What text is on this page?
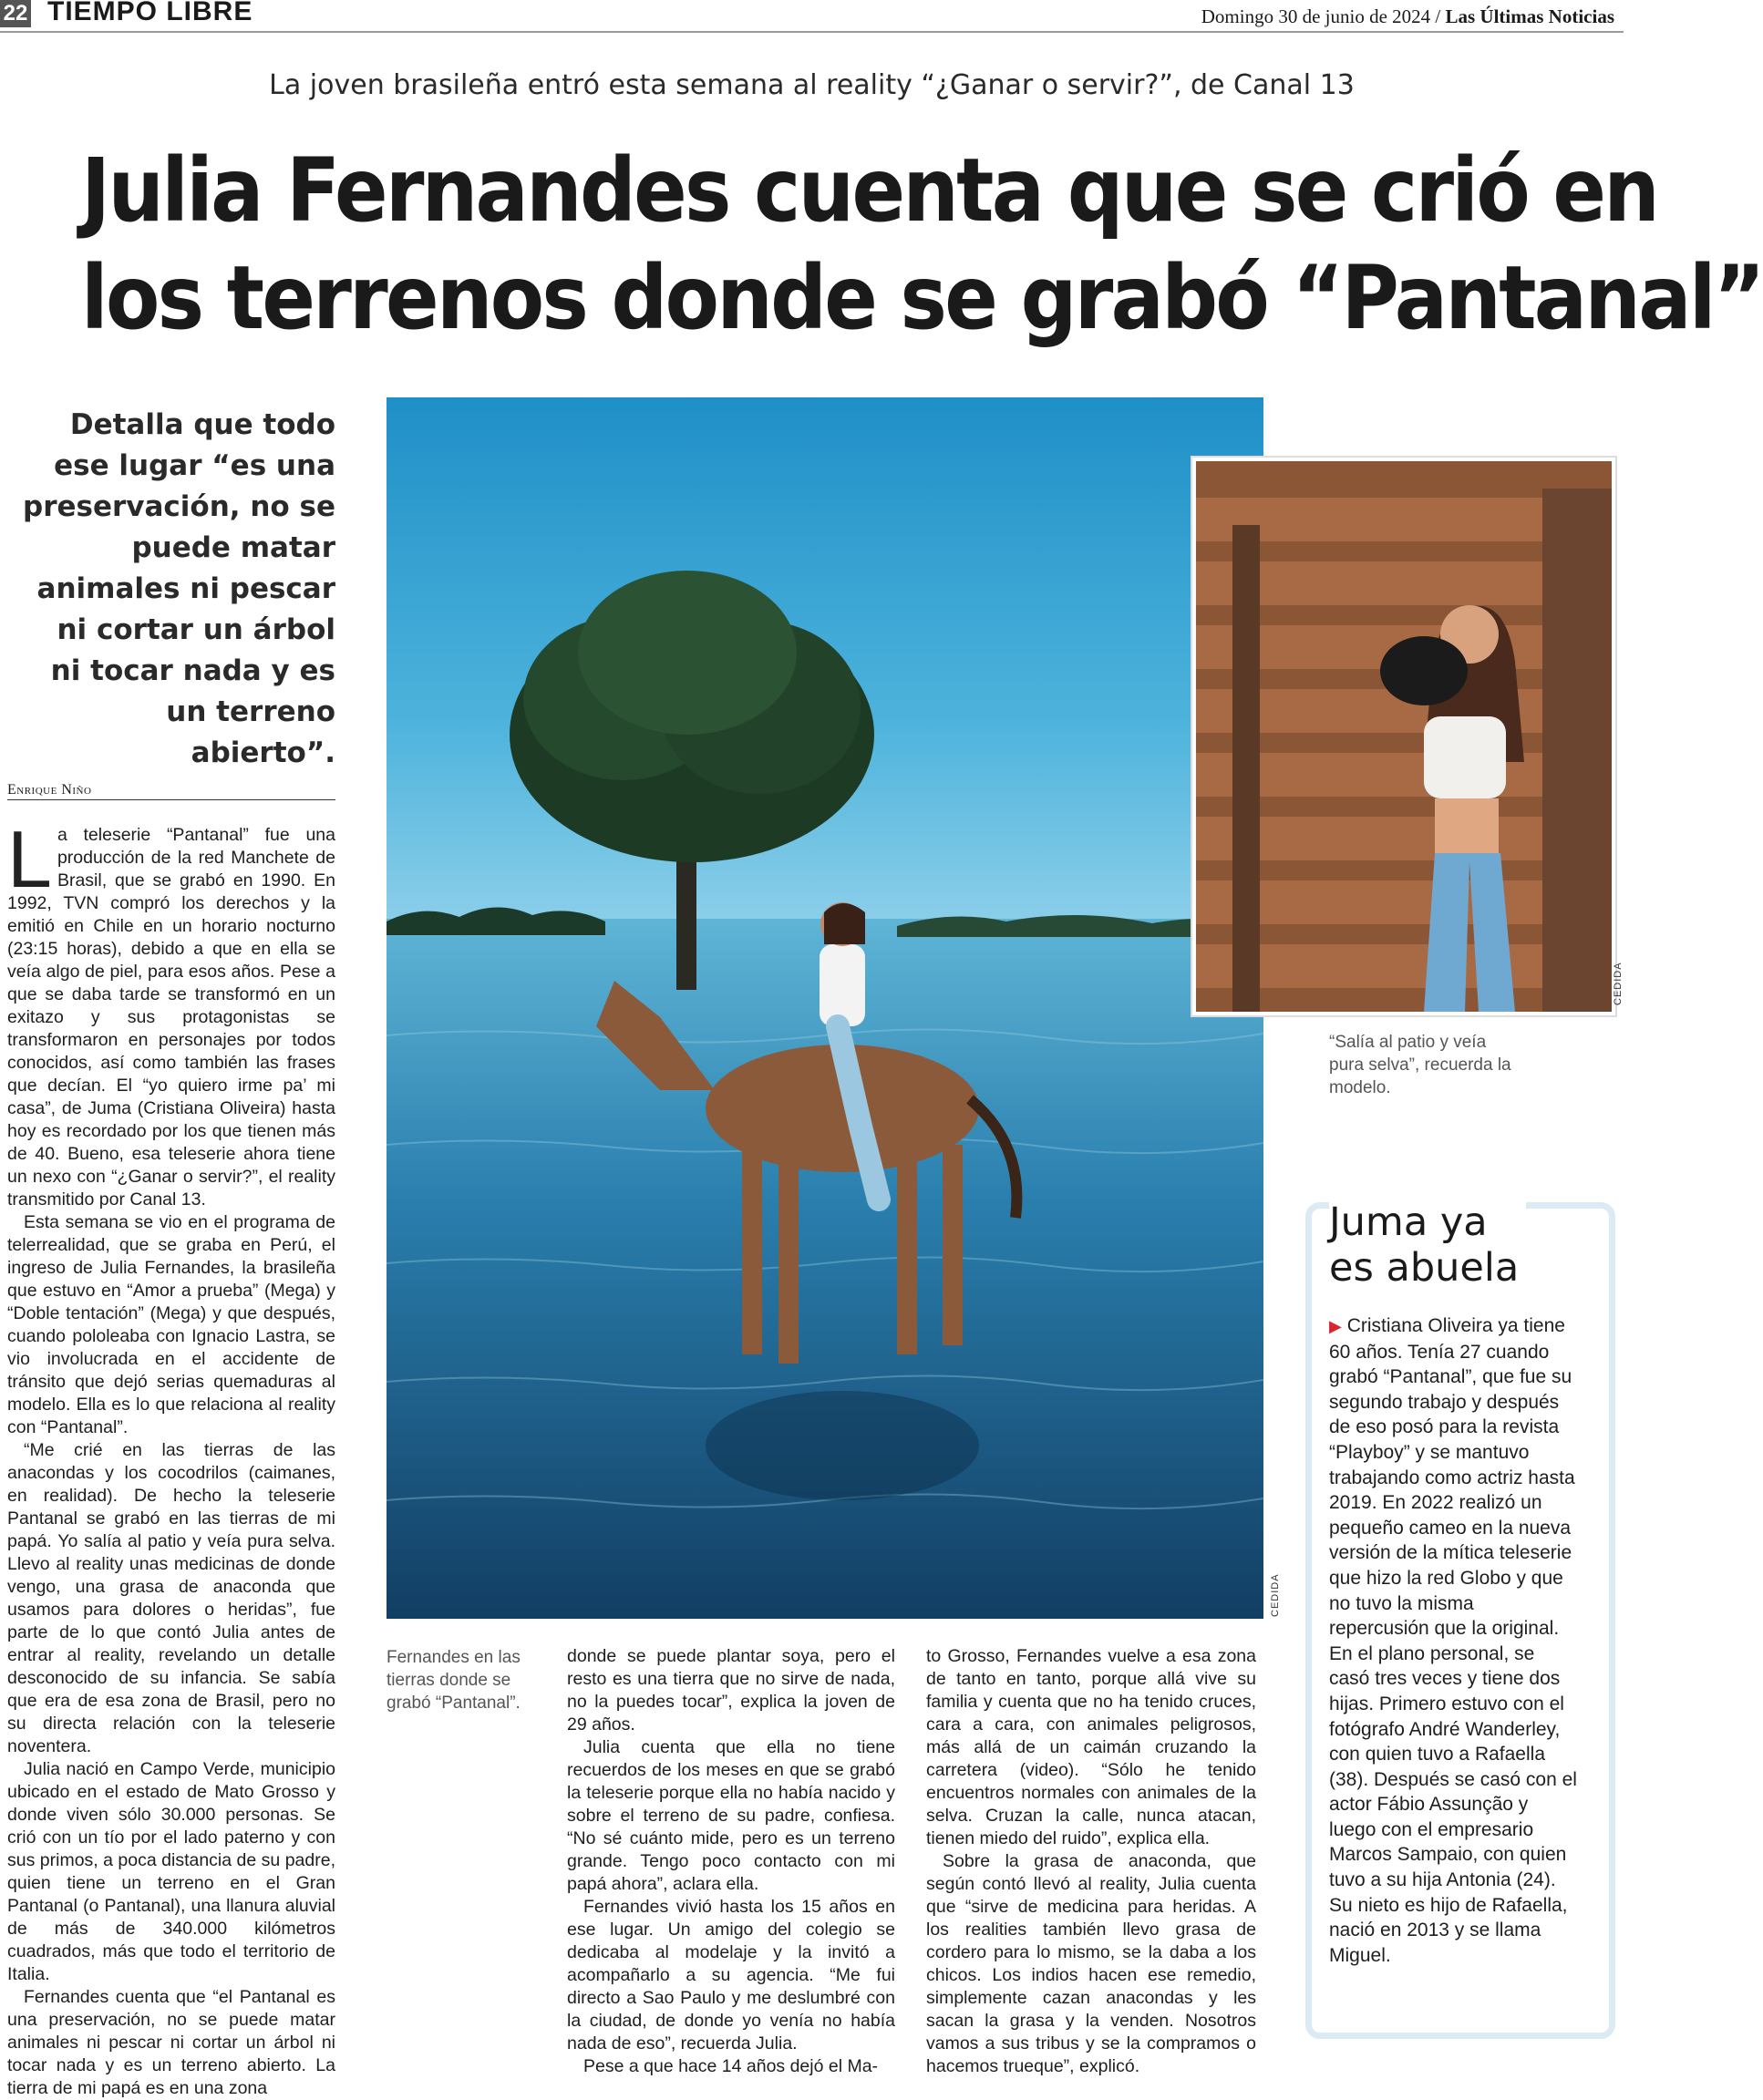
22 TIEMPO LIBRE	Domingo 30 de junio de 2024 / Las Últimas Noticias
La joven brasileña entró esta semana al reality “¿Ganar o servir?”, de Canal 13
Julia Fernandes cuenta que se crió en
los terrenos donde se grabó “Pantanal”
Detalla que todo ese lugar “es una preservación, no se puede matar animales ni pescar ni cortar un árbol ni tocar nada y es un terreno abierto”.
Enrique Niño

La teleserie “Pantanal” fue una producción de la red Manchete de Brasil, que se grabó en 1990. En 1992, TVN compró los derechos y la emitió en Chile en un horario nocturno (23:15 horas), debido a que en ella se veía algo de piel, para esos años. Pese a que se daba tarde se transformó en un exitazo y sus protagonistas se transformaron en personajes por todos conocidos, así como también las frases que decían. El “yo quiero irme pa’ mi casa”, de Juma (Cristiana Oliveira) hasta hoy es recordado por los que tienen más de 40. Bueno, esa teleserie ahora tiene un nexo con “¿Ganar o servir?”, el reality transmitido por Canal 13.

Esta semana se vio en el programa de telerrealidad, que se graba en Perú, el ingreso de Julia Fernandes, la brasileña que estuvo en “Amor a prueba” (Mega) y “Doble tentación” (Mega) y que después, cuando pololeaba con Ignacio Lastra, se vio involucrada en el accidente de tránsito que dejó serias quemaduras al modelo. Ella es lo que relaciona al reality con “Pantanal”.

“Me crié en las tierras de las anacondas y los cocodrilos (caimanes, en realidad). De hecho la teleserie Pantanal se grabó en las tierras de mi papá. Yo salía al patio y veía pura selva. Llevo al reality unas medicinas de donde vengo, una grasa de anaconda que usamos para dolores o heridas”, fue parte de lo que contó Julia antes de entrar al reality, revelando un detalle desconocido de su infancia. Se sabía que era de esa zona de Brasil, pero no su directa relación con la teleserie noventera.

Julia nació en Campo Verde, municipio ubicado en el estado de Mato Grosso y donde viven sólo 30.000 personas. Se crió con un tío por el lado paterno y con sus primos, a poca distancia de su padre, quien tiene un terreno en el Gran Pantanal (o Pantanal), una llanura aluvial de más de 340.000 kilómetros cuadrados, más que todo el territorio de Italia.

Fernandes cuenta que “el Pantanal es una preservación, no se puede matar animales ni pescar ni cortar un árbol ni tocar nada y es un terreno abierto. La tierra de mi papá es en una zona

CEDIDA
Fernandes en las tierras donde se grabó “Pantanal”.

donde se puede plantar soya, pero el resto es una tierra que no sirve de nada, no la puedes tocar”, explica la joven de 29 años.

Julia cuenta que ella no tiene recuerdos de los meses en que se grabó la teleserie porque ella no había nacido y sobre el terreno de su padre, confiesa. “No sé cuánto mide, pero es un terreno grande. Tengo poco contacto con mi papá ahora”, aclara ella.

Fernandes vivió hasta los 15 años en ese lugar. Un amigo del colegio se dedicaba al modelaje y la invitó a acompañarlo a su agencia. “Me fui directo a Sao Paulo y me deslumbré con la ciudad, de donde yo venía no había nada de eso”, recuerda Julia.

Pese a que hace 14 años dejó el Ma-

to Grosso, Fernandes vuelve a esa zona de tanto en tanto, porque allá vive su familia y cuenta que no ha tenido cruces, cara a cara, con animales peligrosos, más allá de un caimán cruzando la carretera (video). “Sólo he tenido encuentros normales con animales de la selva. Cruzan la calle, nunca atacan, tienen miedo del ruido”, explica ella.

Sobre la grasa de anaconda, que según contó llevó al reality, Julia cuenta que “sirve de medicina para heridas. A los realities también llevo grasa de cordero para lo mismo, se la daba a los chicos. Los indios hacen ese remedio, simplemente cazan anacondas y les sacan la grasa y la venden. Nosotros vamos a sus tribus y se la compramos o hacemos trueque”, explicó.

CEDIDA
“Salía al patio y veía pura selva”, recuerda la modelo.
Juma ya
es abuela
▶ Cristiana Oliveira ya tiene 60 años. Tenía 27 cuando grabó “Pantanal”, que fue su segundo trabajo y después de eso posó para la revista “Playboy” y se mantuvo trabajando como actriz hasta 2019. En 2022 realizó un pequeño cameo en la nueva versión de la mítica teleserie que hizo la red Globo y que no tuvo la misma repercusión que la original. En el plano personal, se casó tres veces y tiene dos hijas. Primero estuvo con el fotógrafo André Wanderley, con quien tuvo a Rafaella (38). Después se casó con el actor Fábio Assunção y luego con el empresario Marcos Sampaio, con quien tuvo a su hija Antonia (24). Su nieto es hijo de Rafaella, nació en 2013 y se llama Miguel.
